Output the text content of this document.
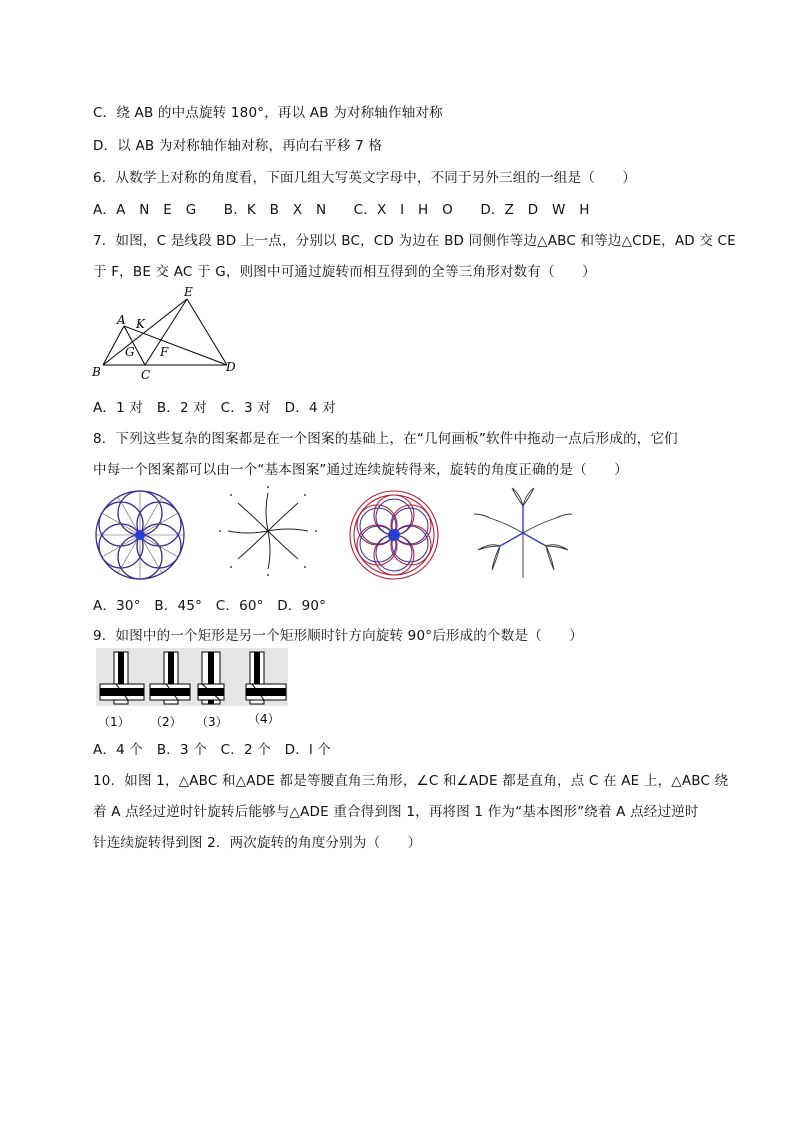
C．绕 AB 的中点旋转 180°，再以 AB 为对称轴作轴对称
D．以 AB 为对称轴作轴对称，再向右平移 7 格
6．从数学上对称的角度看，下面几组大写英文字母中，不同于另外三组的一组是（　　）
A．A　N　E　G　　B．K　B　X　N　　C．X　I　H　O　　D．Z　D　W　H
7．如图，C 是线段 BD 上一点，分别以 BC，CD 为边在 BD 同侧作等边△ABC 和等边△CDE，AD 交 CE
于 F，BE 交 AC 于 G，则图中可通过旋转而相互得到的全等三角形对数有（　　）
E
A K
G F
B	C
D
A．1 对　B．2 对　C．3 对　D．4 对
8．下列这些复杂的图案都是在一个图案的基础上，在“几何画板”软件中拖动一点后形成的，它们
中每一个图案都可以由一个“基本图案”通过连续旋转得来，旋转的角度正确的是（　　）
A．30°　B．45°　C．60°　D．90°
9．如图中的一个矩形是另一个矩形顺时针方向旋转 90°后形成的个数是（　　）
（1） （2） （3） （4）
A．4 个　B．3 个　C．2 个　D．l 个
10．如图 1，△ABC 和△ADE 都是等腰直角三角形，∠C 和∠ADE 都是直角，点 C 在 AE 上，△ABC 绕
着 A 点经过逆时针旋转后能够与△ADE 重合得到图 1，再将图 1 作为“基本图形”绕着 A 点经过逆时
针连续旋转得到图 2．两次旋转的角度分别为（　　）
